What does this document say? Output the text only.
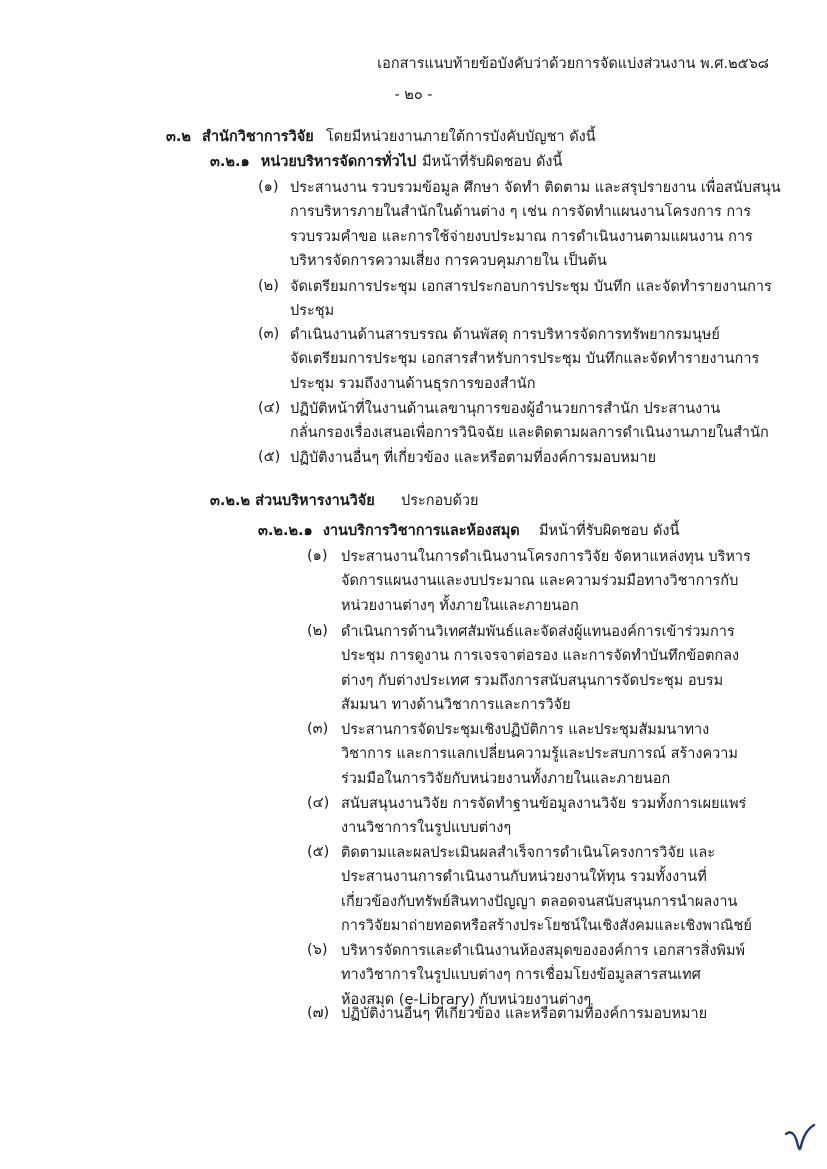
เอกสารแนบท้ายข้อบังคับว่าด้วยการจัดแบ่งส่วนงาน พ.ศ.๒๕๖๘
- ๒๐ -
๓.๒ สำนักวิชาการวิจัย โดยมีหน่วยงานภายใต้การบังคับบัญชา ดังนี้
๓.๒.๑ หน่วยบริหารจัดการทั่วไป มีหน้าที่รับผิดชอบ ดังนี้
(๑) ประสานงาน รวบรวมข้อมูล ศึกษา จัดทำ ติดตาม และสรุปรายงาน เพื่อสนับสนุน
การบริหารภายในสำนักในด้านต่าง ๆ เช่น การจัดทำแผนงานโครงการ การ
รวบรวมคำขอ และการใช้จ่ายงบประมาณ การดำเนินงานตามแผนงาน การ
บริหารจัดการความเสี่ยง การควบคุมภายใน เป็นต้น
(๒) จัดเตรียมการประชุม เอกสารประกอบการประชุม บันทึก และจัดทำรายงานการ
ประชุม
(๓) ดำเนินงานด้านสารบรรณ ด้านพัสดุ การบริหารจัดการทรัพยากรมนุษย์
จัดเตรียมการประชุม เอกสารสำหรับการประชุม บันทึกและจัดทำรายงานการ
ประชุม รวมถึงงานด้านธุรการของสำนัก
(๔) ปฏิบัติหน้าที่ในงานด้านเลขานุการของผู้อำนวยการสำนัก ประสานงาน
กลั่นกรองเรื่องเสนอเพื่อการวินิจฉัย และติดตามผลการดำเนินงานภายในสำนัก
(๕) ปฏิบัติงานอื่นๆ ที่เกี่ยวข้อง และหรือตามที่องค์การมอบหมาย
๓.๒.๒ ส่วนบริหารงานวิจัย ประกอบด้วย
๓.๒.๒.๑ งานบริการวิชาการและห้องสมุด มีหน้าที่รับผิดชอบ ดังนี้
(๑) ประสานงานในการดำเนินงานโครงการวิจัย จัดหาแหล่งทุน บริหาร
จัดการแผนงานและงบประมาณ และความร่วมมือทางวิชาการกับ
หน่วยงานต่างๆ ทั้งภายในและภายนอก
(๒) ดำเนินการด้านวิเทศสัมพันธ์และจัดส่งผู้แทนองค์การเข้าร่วมการ
ประชุม การดูงาน การเจรจาต่อรอง และการจัดทำบันทึกข้อตกลง
ต่างๆ กับต่างประเทศ รวมถึงการสนับสนุนการจัดประชุม อบรม
สัมมนา ทางด้านวิชาการและการวิจัย
(๓) ประสานการจัดประชุมเชิงปฏิบัติการ และประชุมสัมมนาทาง
วิชาการ และการแลกเปลี่ยนความรู้และประสบการณ์ สร้างความ
ร่วมมือในการวิจัยกับหน่วยงานทั้งภายในและภายนอก
(๔) สนับสนุนงานวิจัย การจัดทำฐานข้อมูลงานวิจัย รวมทั้งการเผยแพร่
งานวิชาการในรูปแบบต่างๆ
(๕) ติดตามและผลประเมินผลสำเร็จการดำเนินโครงการวิจัย และ
ประสานงานการดำเนินงานกับหน่วยงานให้ทุน รวมทั้งงานที่
เกี่ยวข้องกับทรัพย์สินทางปัญญา ตลอดจนสนับสนุนการนำผลงาน
การวิจัยมาถ่ายทอดหรือสร้างประโยชน์ในเชิงสังคมและเชิงพาณิชย์
(๖) บริหารจัดการและดำเนินงานห้องสมุดขององค์การ เอกสารสิ่งพิมพ์
ทางวิชาการในรูปแบบต่างๆ การเชื่อมโยงข้อมูลสารสนเทศ
ห้องสมุด (e-Library) กับหน่วยงานต่างๆ
(๗) ปฏิบัติงานอื่นๆ ที่เกี่ยวข้อง และหรือตามที่องค์การมอบหมาย
